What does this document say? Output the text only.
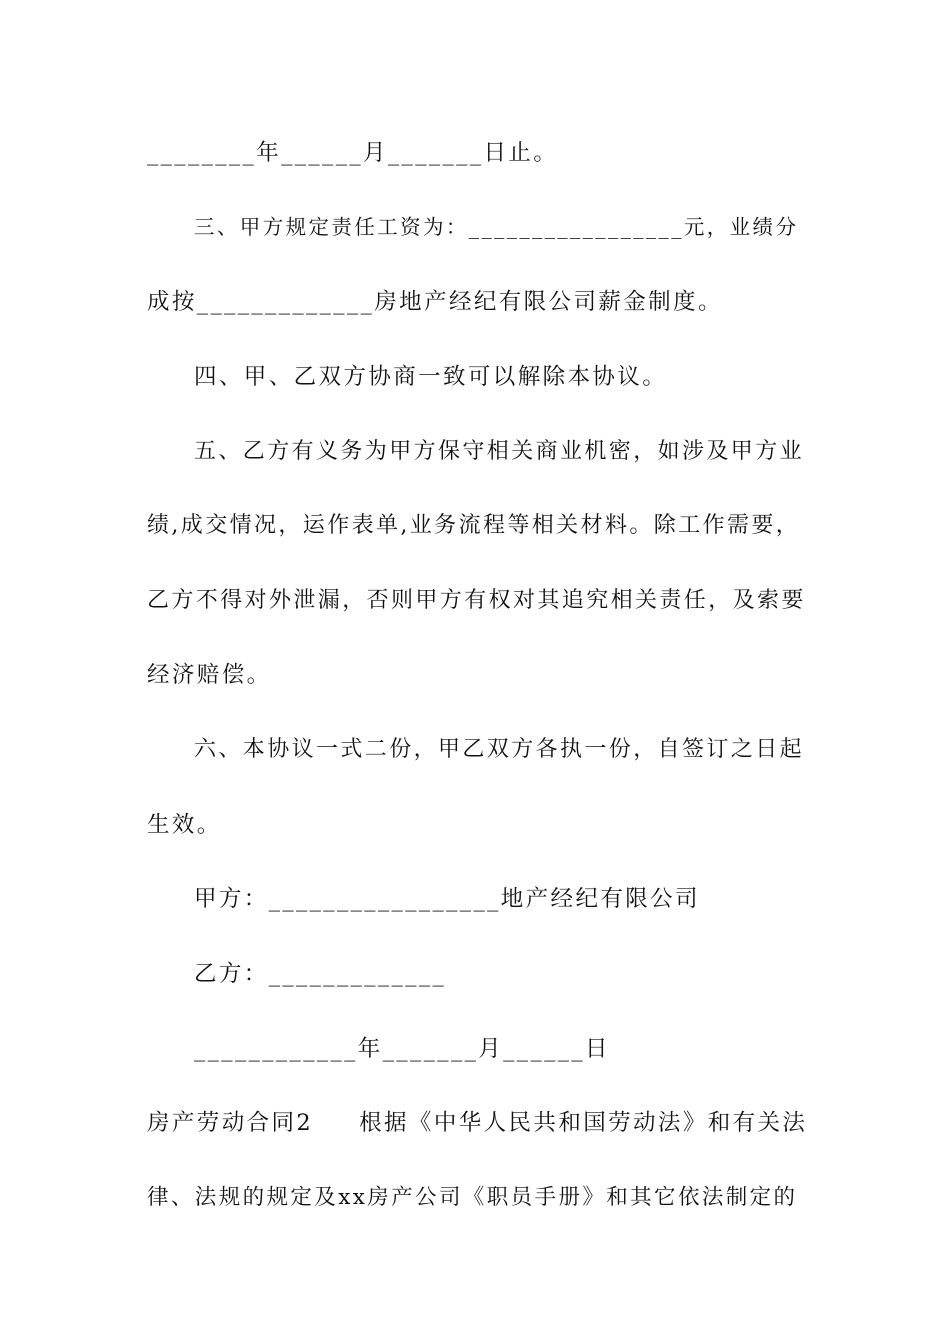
________年______月_______日止。
三、甲方规定责任工资为：_________________元，业绩分
成按_____________房地产经纪有限公司薪金制度。
四、甲、乙双方协商一致可以解除本协议。
五、乙方有义务为甲方保守相关商业机密，如涉及甲方业
绩,成交情况，运作表单,业务流程等相关材料。除工作需要，
乙方不得对外泄漏，否则甲方有权对其追究相关责任，及索要
经济赔偿。
六、本协议一式二份，甲乙双方各执一份，自签订之日起
生效。
甲方：_________________地产经纪有限公司
乙方：_____________
____________年_______月______日
房产劳动合同2 根据《中华人民共和国劳动法》和有关法
律、法规的规定及xx房产公司《职员手册》和其它依法制定的
